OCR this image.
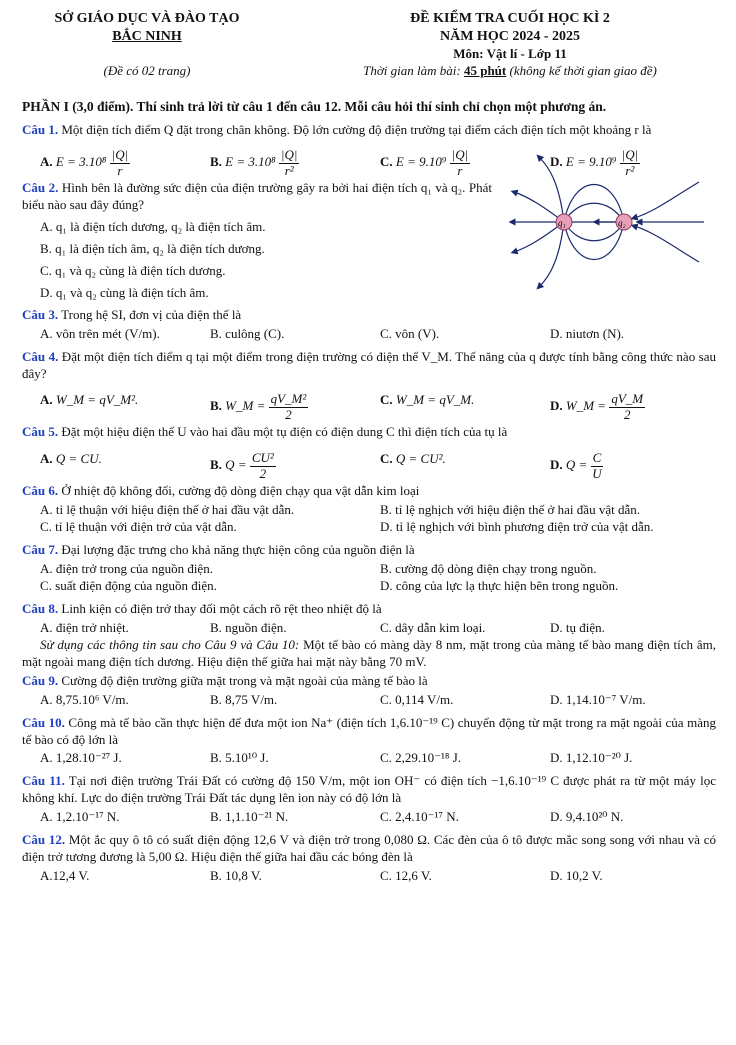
SỞ GIÁO DỤC VÀ ĐÀO TẠO
BẮC NINH
(Đề có 02 trang)
ĐỀ KIỂM TRA CUỐI HỌC KÌ 2
NĂM HỌC 2024 - 2025
Môn: Vật lí - Lớp 11
Thời gian làm bài: 45 phút (không kể thời gian giao đề)

PHẦN I (3,0 điểm). Thí sinh trả lời từ câu 1 đến câu 12. Mỗi câu hỏi thí sinh chỉ chọn một phương án.

Câu 1. Một điện tích điểm Q đặt trong chân không. Độ lớn cường độ điện trường tại điểm cách điện tích một khoảng r là

A. $E = 3.10^8 \frac{|Q|}{r}$	B. $E = 3.10^8 \frac{|Q|}{\text{r²}}$	C. $E = 9.10^9 \frac{|Q|}{r}$	D. $E = 9.10^9 \frac{|Q|}{\text{r²}}$

Câu 2. Hình bên là đường sức điện của điện trường gây ra bởi hai điện tích q₁ và q₂. Phát biểu nào sau đây đúng?

A. q₁ là điện tích dương, q₂ là điện tích âm.
B. q₁ là điện tích âm, q₂ là điện tích dương.
C. q₁ và q₂ cùng là điện tích dương.
D. q₁ và q₂ cùng là điện tích âm.

Câu 3. Trong hệ SI, đơn vị của điện thế là

A. vôn trên mét (V/m).	B. culông (C).	C. vôn (V).	D. niutơn (N).

Câu 4. Đặt một điện tích điểm q tại một điểm trong điện trường có điện thế V_M. Thế năng của q được tính bằng công thức nào sau đây?

A. W_M = qV_M².	B. W_M = $\frac{\text{qV\_M²}}{2}$	C. W_M = qV_M.	D. W_M = $\frac{qV\_M}{2}$

Câu 5. Đặt một hiệu điện thế U vào hai đầu một tụ điện có điện dung C thì điện tích của tụ là

A. Q = CU.	B. $Q = \frac{\text{CU²}}{2}$	C. Q = CU².	D. $Q = \frac{C}{U}$

Câu 6. Ở nhiệt độ không đổi, cường độ dòng điện chạy qua vật dẫn kim loại

A. tỉ lệ thuận với hiệu điện thế ở hai đầu vật dẫn.	B. tỉ lệ nghịch với hiệu điện thế ở hai đầu vật dẫn.
C. tỉ lệ thuận với điện trở của vật dẫn.	D. tỉ lệ nghịch với bình phương điện trở của vật dẫn.

Câu 7. Đại lượng đặc trưng cho khả năng thực hiện công của nguồn điện là

A. điện trở trong của nguồn điện.	B. cường độ dòng điện chạy trong nguồn.
C. suất điện động của nguồn điện.	D. công của lực lạ thực hiện bên trong nguồn.

Câu 8. Linh kiện có điện trở thay đổi một cách rõ rệt theo nhiệt độ là

A. điện trở nhiệt.	B. nguồn điện.	C. dây dẫn kim loại.	D. tụ điện.

Sử dụng các thông tin sau cho Câu 9 và Câu 10: Một tế bào có màng dày 8 nm, mặt trong của màng tế bào mang điện tích âm, mặt ngoài mang điện tích dương. Hiệu điện thế giữa hai mặt này bằng 70 mV.

Câu 9. Cường độ điện trường giữa mặt trong và mặt ngoài của màng tế bào là

A. 8,75.10⁶ V/m.	B. 8,75 V/m.	C. 0,114 V/m.	D. 1,14.10⁻⁷ V/m.

Câu 10. Công mà tế bào cần thực hiện để đưa một ion Na⁺ (điện tích 1,6.10⁻¹⁹ C) chuyển động từ mặt trong ra mặt ngoài của màng tế bào có độ lớn là

A. 1,28.10⁻²⁷ J.	B. 5.10¹⁰ J.	C. 2,29.10⁻¹⁸ J.	D. 1,12.10⁻²⁰ J.

Câu 11. Tại nơi điện trường Trái Đất có cường độ 150 V/m, một ion OH⁻ có điện tích −1,6.10⁻¹⁹ C được phát ra từ một máy lọc không khí. Lực do điện trường Trái Đất tác dụng lên ion này có độ lớn là

A. 1,2.10⁻¹⁷ N.	B. 1,1.10⁻²¹ N.	C. 2,4.10⁻¹⁷ N.	D. 9,4.10²⁰ N.

Câu 12. Một ắc quy ô tô có suất điện động 12,6 V và điện trở trong 0,080 Ω. Các đèn của ô tô được mắc song song với nhau và có điện trở tương đương là 5,00 Ω. Hiệu điện thế giữa hai đầu các bóng đèn là

A.12,4 V.	B. 10,8 V.	C. 12,6 V.	D. 10,2 V.
q₁	q₂
